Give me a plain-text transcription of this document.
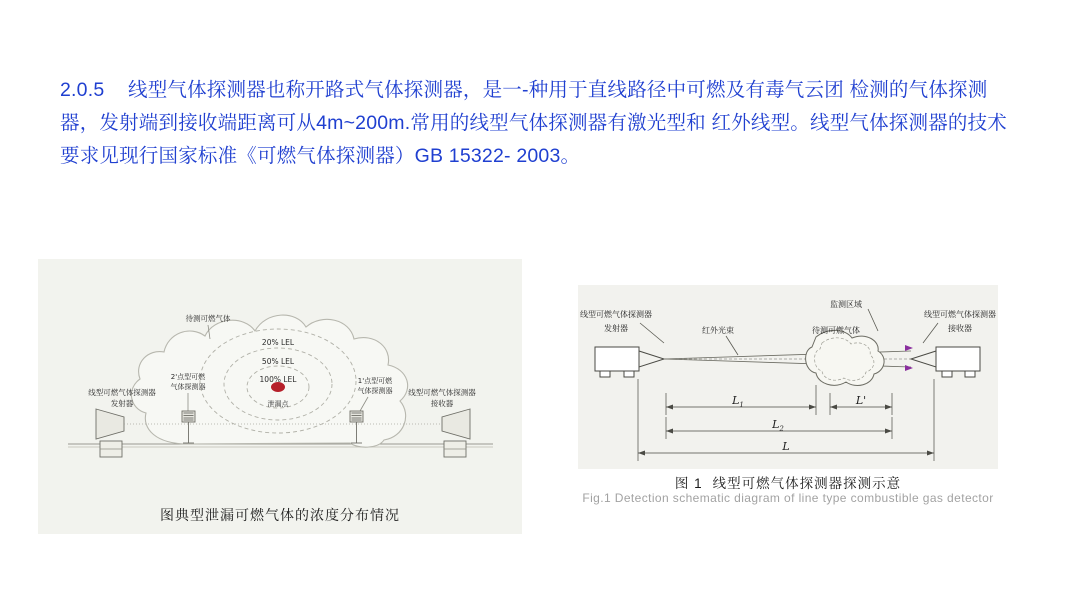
2.0.5 线型气体探测器也称开路式气体探测器，是一-种用于直线路径中可燃及有毒气云团 检测的气体探测器，发射端到接收端距离可从4m~200m.常用的线型气体探测器有激光型和 红外线型。线型气体探测器的技术要求见现行国家标准《可燃气体探测器）GB 15322- 2003。
20% LEL
50% LEL
100% LEL
泄漏点
待测可燃气体
2'点型可燃
气体探测器
1'点型可燃
气体探测器
线型可燃气体探测器
发射器
线型可燃气体探测器
接收器
图典型泄漏可燃气体的浓度分布情况
线型可燃气体探测器
发射器
线型可燃气体探测器
接收器
监测区域
红外光束	待测可燃气体
$L_1$	L'
$L_2$
L
图 1 线型可燃气体探测器探测示意
Fig.1 Detection schematic diagram of line type combustible gas detector
